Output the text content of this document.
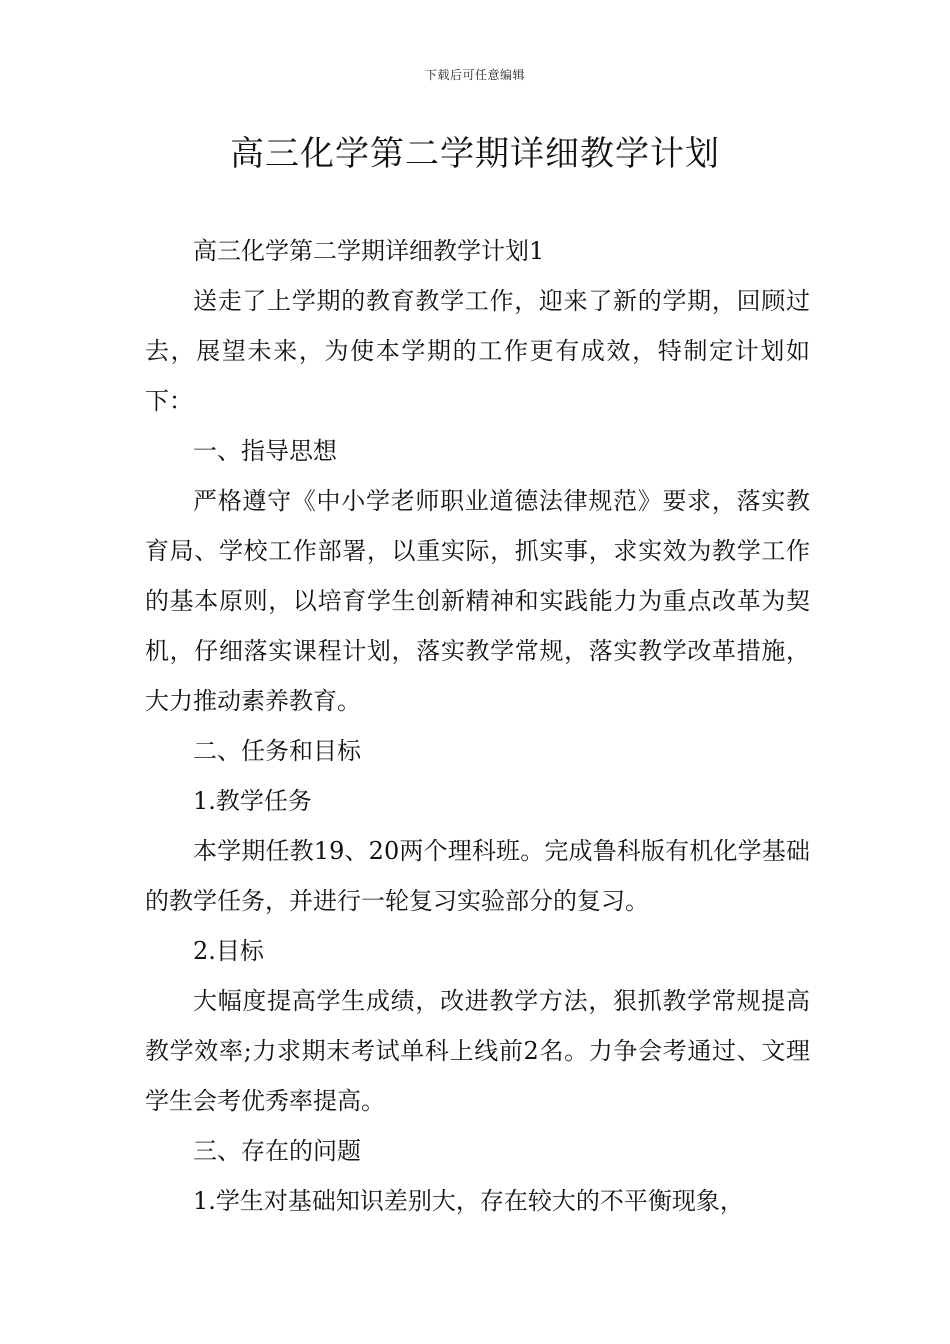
下载后可任意编辑
高三化学第二学期详细教学计划

高三化学第二学期详细教学计划1

送走了上学期的教育教学工作，迎来了新的学期，回顾过去，展望未来，为使本学期的工作更有成效，特制定计划如下：

一、指导思想

严格遵守《中小学老师职业道德法律规范》要求，落实教育局、学校工作部署，以重实际，抓实事，求实效为教学工作的基本原则，以培育学生创新精神和实践能力为重点改革为契机，仔细落实课程计划，落实教学常规，落实教学改革措施，大力推动素养教育。

二、任务和目标

1.教学任务

本学期任教19、20两个理科班。完成鲁科版有机化学基础的教学任务，并进行一轮复习实验部分的复习。

2.目标

大幅度提高学生成绩，改进教学方法，狠抓教学常规提高教学效率;力求期末考试单科上线前2名。力争会考通过、文理学生会考优秀率提高。

三、存在的问题

1.学生对基础知识差别大，存在较大的不平衡现象，
